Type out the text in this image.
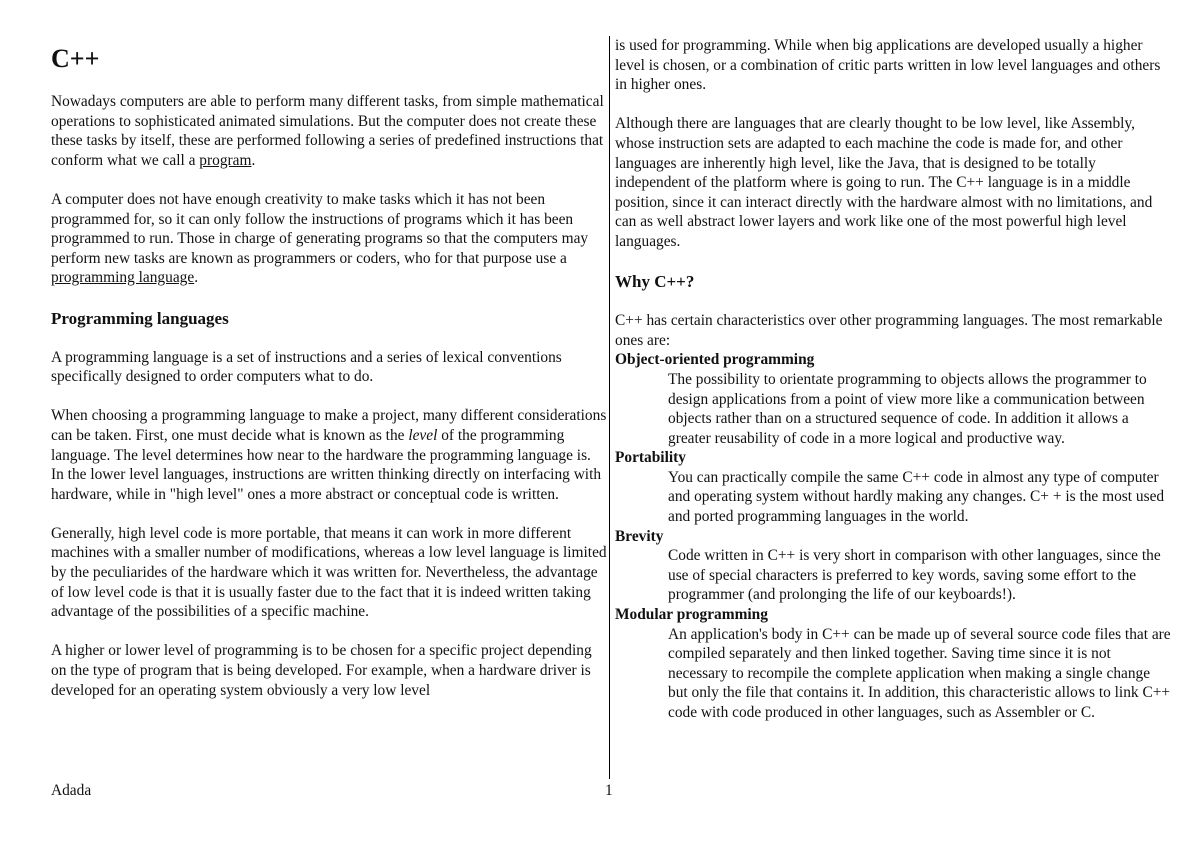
C++

Nowadays computers are able to perform many different tasks, from simple mathematical operations to sophisticated animated simulations. But the computer does not create these these tasks by itself, these are performed following a series of predefined instructions that conform what we call a program.

A computer does not have enough creativity to make tasks which it has not been programmed for, so it can only follow the instructions of programs which it has been programmed to run. Those in charge of generating programs so that the computers may perform new tasks are known as programmers or coders, who for that purpose use a programming language.

Programming languages

A programming language is a set of instructions and a series of lexical conventions specifically designed to order computers what to do.

When choosing a programming language to make a project, many different considerations can be taken. First, one must decide what is known as the level of the programming language. The level determines how near to the hardware the programming language is. In the lower level languages, instructions are written thinking directly on interfacing with hardware, while in "high level" ones a more abstract or conceptual code is written.

Generally, high level code is more portable, that means it can work in more different machines with a smaller number of modifications, whereas a low level language is limited by the peculiarides of the hardware which it was written for. Nevertheless, the advantage of low level code is that it is usually faster due to the fact that it is indeed written taking advantage of the possibilities of a specific machine.

A higher or lower level of programming is to be chosen for a specific project depending on the type of program that is being developed. For example, when a hardware driver is developed for an operating system obviously a very low level

is used for programming. While when big applications are developed usually a higher level is chosen, or a combination of critic parts written in low level languages and others in higher ones.

Although there are languages that are clearly thought to be low level, like Assembly, whose instruction sets are adapted to each machine the code is made for, and other languages are inherently high level, like the Java, that is designed to be totally independent of the platform where is going to run. The C++ language is in a middle position, since it can interact directly with the hardware almost with no limitations, and can as well abstract lower layers and work like one of the most powerful high level languages.

Why C++?

C++ has certain characteristics over other programming languages. The most remarkable ones are:

Object-oriented programming
The possibility to orientate programming to objects allows the programmer to design applications from a point of view more like a communication between objects rather than on a structured sequence of code. In addition it allows a greater reusability of code in a more logical and productive way.
Portability
You can practically compile the same C++ code in almost any type of computer and operating system without hardly making any changes. C+ + is the most used and ported programming languages in the world.
Brevity
Code written in C++ is very short in comparison with other languages, since the use of special characters is preferred to key words, saving some effort to the programmer (and prolonging the life of our keyboards!).
Modular programming
An application's body in C++ can be made up of several source code files that are compiled separately and then linked together. Saving time since it is not necessary to recompile the complete application when making a single change but only the file that contains it. In addition, this characteristic allows to link C++ code with code produced in other languages, such as Assembler or C.
Adada	1
